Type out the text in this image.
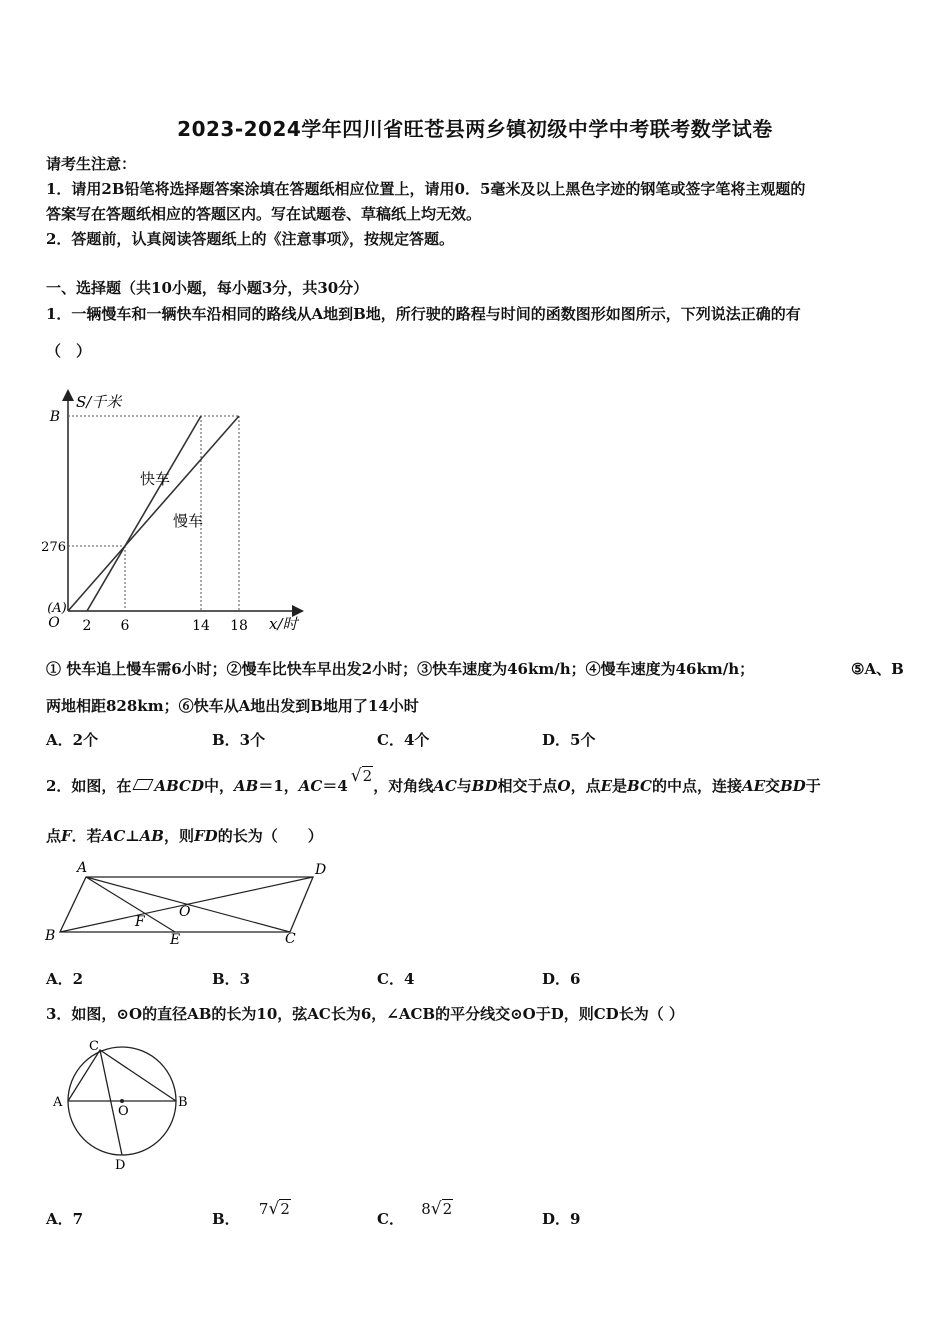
2023-2024学年四川省旺苍县两乡镇初级中学中考联考数学试卷
请考生注意：
1．请用2B铅笔将选择题答案涂填在答题纸相应位置上，请用0．5毫米及以上黑色字迹的钢笔或签字笔将主观题的
答案写在答题纸相应的答题区内。写在试题卷、草稿纸上均无效。
2．答题前，认真阅读答题纸上的《注意事项》，按规定答题。
一、选择题（共10小题，每小题3分，共30分）
1．一辆慢车和一辆快车沿相同的路线从A地到B地，所行驶的路程与时间的函数图形如图所示，下列说法正确的有
（　）
2 6	14 18
B
276
O
(A)
S/千米
x/时
快车
慢车
① 快车追上慢车需6小时；②慢车比快车早出发2小时；③快车速度为46km/h；④慢车速度为46km/h；	⑤A、B
两地相距828km；⑥快车从A地出发到B地用了14小时
A．2个	B．3个	C．4个	D．5个
2．如图，在 ABCD中，AB＝1，AC＝4 √2，对角线AC与BD相交于点O，点E是BC的中点，连接AE交BD于
点F．若AC⊥AB，则FD的长为（　　）
A	D
B	C
E
F
O
A．2	B．3	C．4	D．6
3．如图，⊙O的直径AB的长为10，弦AC长为6，∠ACB的平分线交⊙O于D，则CD长为（ ）
A	B
C
D
O
A．7	B． 7√2
C． 8√2
D．9
